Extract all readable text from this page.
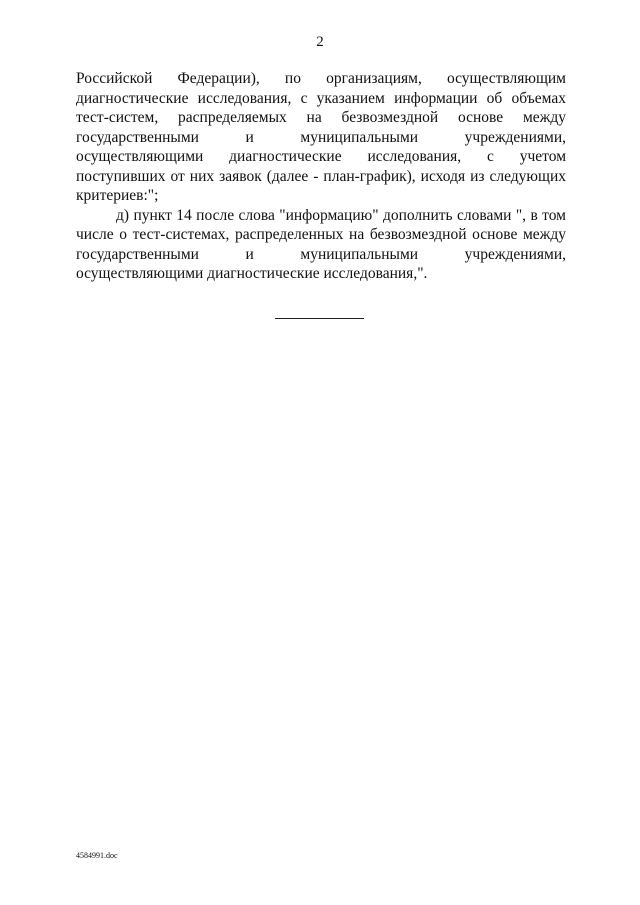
2

Российской Федерации), по организациям, осуществляющим диагностические исследования, с указанием информации об объемах тест-систем, распределяемых на безвозмездной основе между государственными и муниципальными учреждениями, осуществляющими диагностические исследования, с учетом поступивших от них заявок (далее - план-график), исходя из следующих критериев:";

д) пункт 14 после слова "информацию" дополнить словами ", в том числе о тест-системах, распределенных на безвозмездной основе между государственными и муниципальными учреждениями, осуществляющими диагностические исследования,".

4584991.doc
